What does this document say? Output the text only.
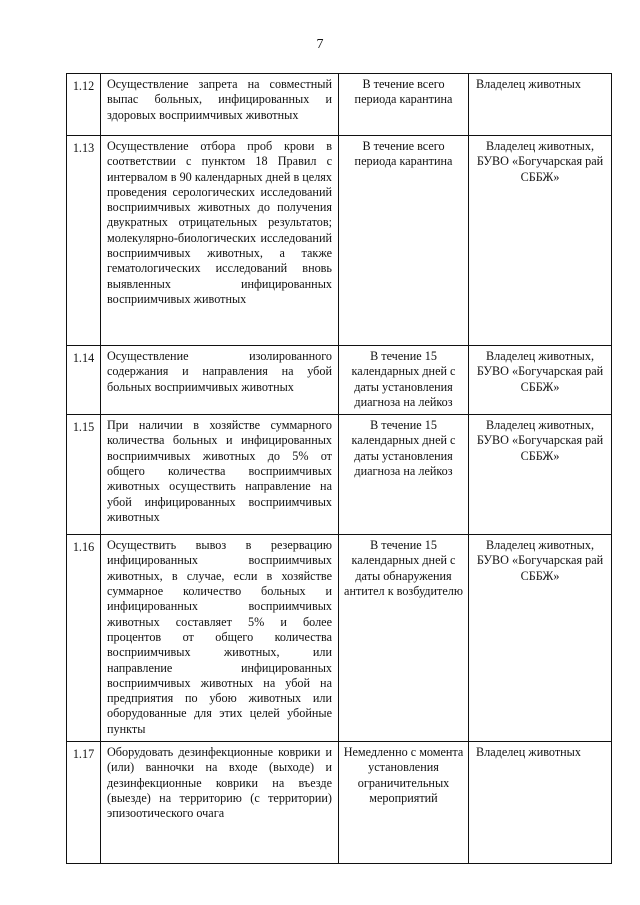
7
1.12	Осуществление запрета на совместный выпас больных, инфицированных и здоровых восприимчивых животных	В течение всего периода карантина	Владелец животных
1.13	Осуществление отбора проб крови в соответствии с пунктом 18 Правил с интервалом в 90 календарных дней в целях проведения серологических исследований восприимчивых животных до получения двукратных отрицательных результатов; молекулярно-биологических исследований восприимчивых животных, а также гематологических исследований вновь выявленных инфицированных восприимчивых животных	В течение всего периода карантина	Владелец животных, БУВО «Богучарская рай СББЖ»
1.14	Осуществление изолированного содержания и направления на убой больных восприимчивых животных	В течение 15 календарных дней с даты установления диагноза на лейкоз	Владелец животных, БУВО «Богучарская рай СББЖ»
1.15	При наличии в хозяйстве суммарного количества больных и инфицированных восприимчивых животных до 5% от общего количества восприимчивых животных осуществить направление на убой инфицированных восприимчивых животных	В течение 15 календарных дней с даты установления диагноза на лейкоз	Владелец животных, БУВО «Богучарская рай СББЖ»
1.16	Осуществить вывоз в резервацию инфицированных восприимчивых животных, в случае, если в хозяйстве суммарное количество больных и инфицированных восприимчивых животных составляет 5% и более процентов от общего количества восприимчивых животных, или направление инфицированных восприимчивых животных на убой на предприятия по убою животных или оборудованные для этих целей убойные пункты	В течение 15 календарных дней с даты обнаружения антител к возбудителю	Владелец животных, БУВО «Богучарская рай СББЖ»
1.17	Оборудовать дезинфекционные коврики и (или) ванночки на входе (выходе) и дезинфекционные коврики на въезде (выезде) на территорию (с территории) эпизоотического очага	Немедленно с момента установления ограничительных мероприятий	Владелец животных
